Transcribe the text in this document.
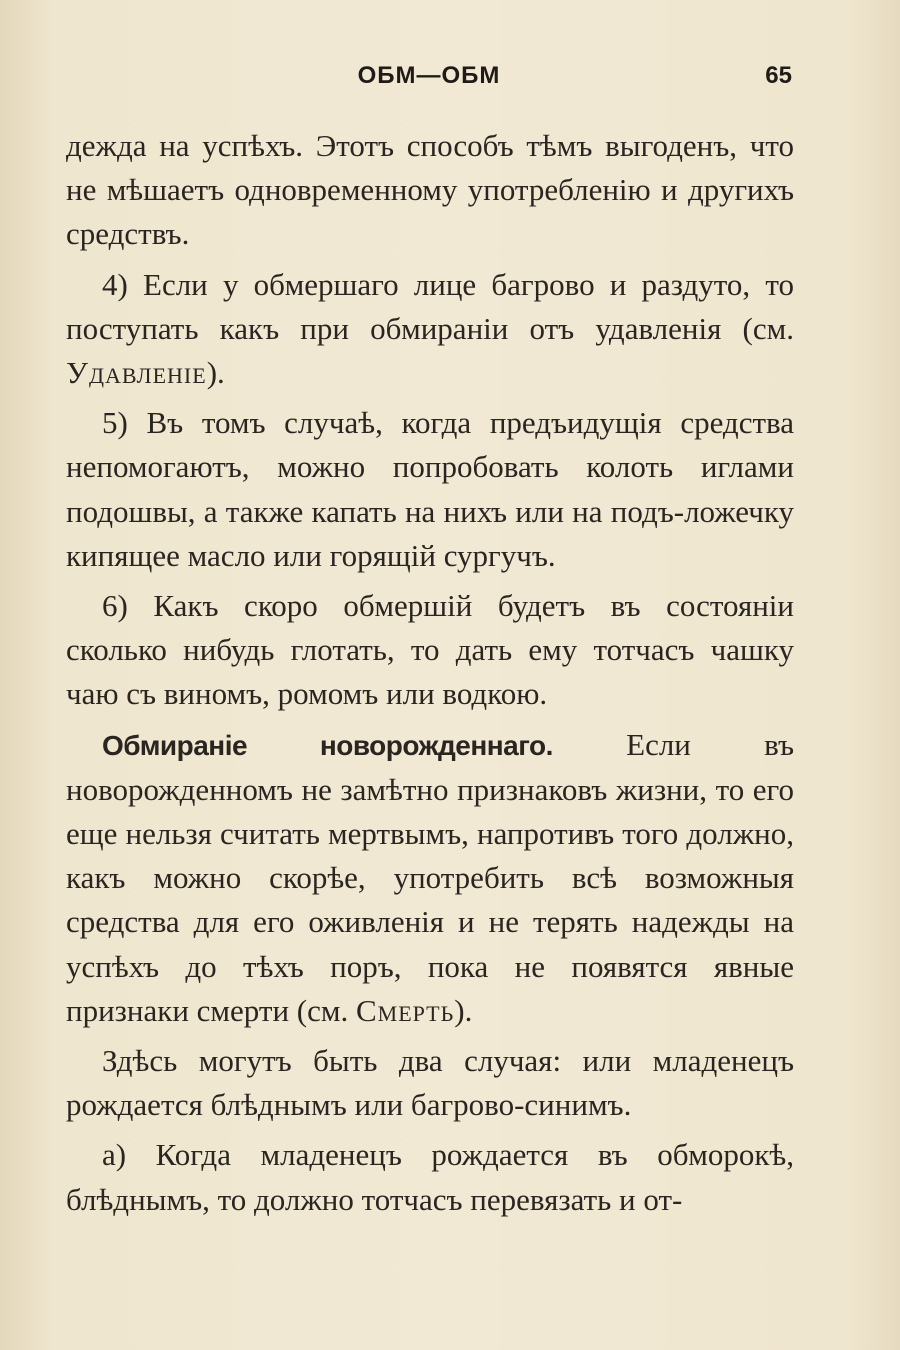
ОБМ—ОБМ	65

дежда на успѣхъ. Этотъ способъ тѣмъ выгоденъ, что не мѣшаетъ одновременному употребленію и другихъ средствъ.

4) Если у обмершаго лице багрово и раздуто, то поступать какъ при обмираніи отъ удавленія (см. Удавленіе).

5) Въ томъ случаѣ, когда предъидущія средства непомогаютъ, можно попробовать колоть иглами подошвы, а также капать на нихъ или на подъ-ложечку кипящее масло или горящій сургучъ.

6) Какъ скоро обмершій будетъ въ состояніи сколько нибудь глотать, то дать ему тотчасъ чашку чаю съ виномъ, ромомъ или водкою.

Обмираніе новорожденнаго. Если въ новорожденномъ не замѣтно признаковъ жизни, то его еще нельзя считать мертвымъ, напротивъ того должно, какъ можно скорѣе, употребить всѣ возможныя средства для его оживленія и не терять надежды на успѣхъ до тѣхъ поръ, пока не появятся явные признаки смерти (см. Смерть).

Здѣсь могутъ быть два случая: или младенецъ рождается блѣднымъ или багрово-синимъ.

а) Когда младенецъ рождается въ обморокѣ, блѣднымъ, то должно тотчасъ перевязать и от-
